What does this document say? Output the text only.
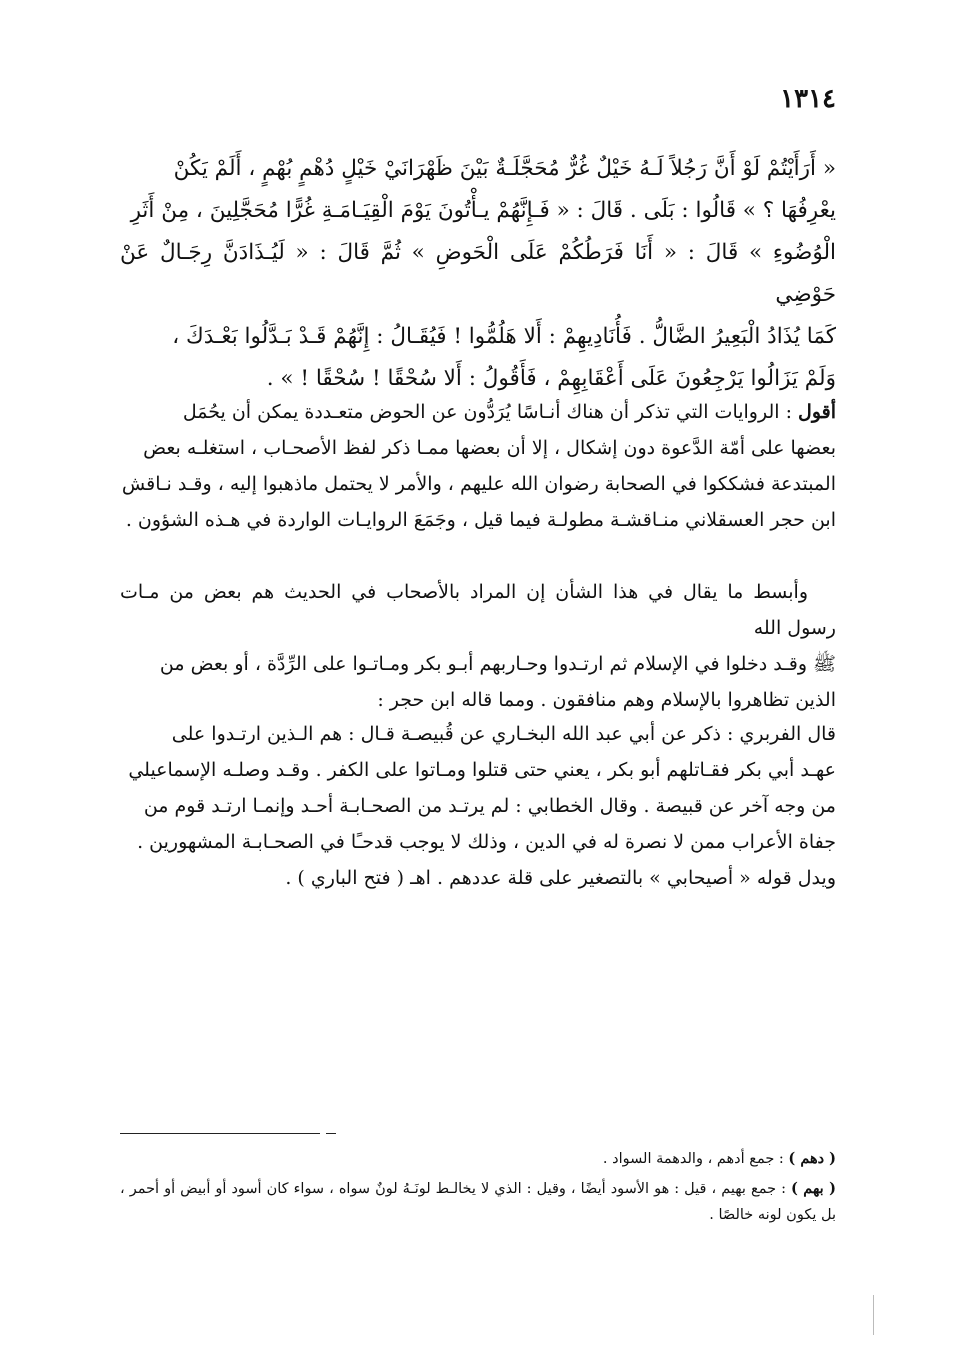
١٣١٤

« أَرَأَيْتُمْ لَوْ أَنَّ رَجُلاً لَـهُ خَيْلٌ غُرٌّ مُحَجَّلَـةٌ بَيْنَ ظَهْرَانَيْ خَيْلٍ دُهْمٍ بُهْمٍ ، أَلَمْ يَكُنْ

يعْرِفُهَا ؟ » قَالُوا : بَلَى . قَالَ : « فَـإِنَّهُمْ يـأْتُونَ يَوْمَ الْقِيَـامَـةِ غُرًّا مُحَجَّلِينَ ، مِنْ أَثَرِ

الْوُضُوءِ » قَالَ : « أَنَا فَرَطُكُمْ عَلَى الْحَوضِ » ثُمَّ قَالَ : « لَيُـذَادَنَّ رِجَـالٌ عَنْ حَوْضِي

كَمَا يُذَادُ الْبَعِيرُ الضَّالُّ . فَأُنَادِيهِمْ : أَلا هَلُمُّوا ! فَيُقَـالُ : إِنَّهُمْ قَـدْ بَـدَّلُوا بَعْـدَكَ ،

وَلَمْ يَزَالُوا يَرْجِعُونَ عَلَى أَعْقَابِهِمْ ، فَأَقُولُ : أَلا سُحْقًا ! سُحْقًا ! » .

أقول : الروايات التي تذكر أن هناك أنـاسًا يُرَدُّون عن الحوض متعـددة يمكن أن يحُمَل

بعضها على أمّة الدَّعوة دون إشكال ، إلا أن بعضها ممـا ذكر لفظ الأصحـاب ، استغلـه بعض

المبتدعة فشككوا في الصحابة رضوان الله عليهم ، والأمر لا يحتمل ماذهبوا إليه ، وقـد نـاقش

ابن حجر العسقلاني منـاقشـة مطولـة فيما قيل ، وجَمَعَ الروايـات الواردة في هـذه الشؤون .

وأبسط ما يقال في هذا الشأن إن المراد بالأصحاب في الحديث هم بعض من مـات رسول الله

ﷺ وقـد دخلوا في الإسلام ثم ارتـدوا وحـاربهم أبـو بكر ومـاتـوا على الرِّدَّة ، أو بعض من

الذين تظاهروا بالإسلام وهم منافقون . ومما قاله ابن حجر :

قال الفربري : ذكر عن أبي عبد الله البخـاري عن قُبيصـة قـال : هم الـذين ارتـدوا على

عهـد أبي بكر فقـاتلهم أبو بكر ، يعني حتى قتلوا ومـاتوا على الكفر . وقـد وصلـه الإسماعيلي

من وجه آخر عن قبيصة . وقال الخطابي : لم يرتـد من الصحـابـة أحـد وإنمـا ارتـد قوم من

جفاة الأعراب ممن لا نصرة له في الدين ، وذلك لا يوجب قدحـًا في الصحـابـة المشهورين .

ويدل قوله « أصيحابي » بالتصغير على قلة عددهم . اهـ ( فتح الباري ) .

( دهم ) : جمع أدهم ، والدهمة السواد .

( بهم ) : جمع بهيم ، قيل : هو الأسود أيضًا ، وقيل : الذي لا يخالـط لونَـهُ لونٌ سواه ، سواء كان أسود أو أبيض أو أحمر ، بل يكون لونه خالصًا .
